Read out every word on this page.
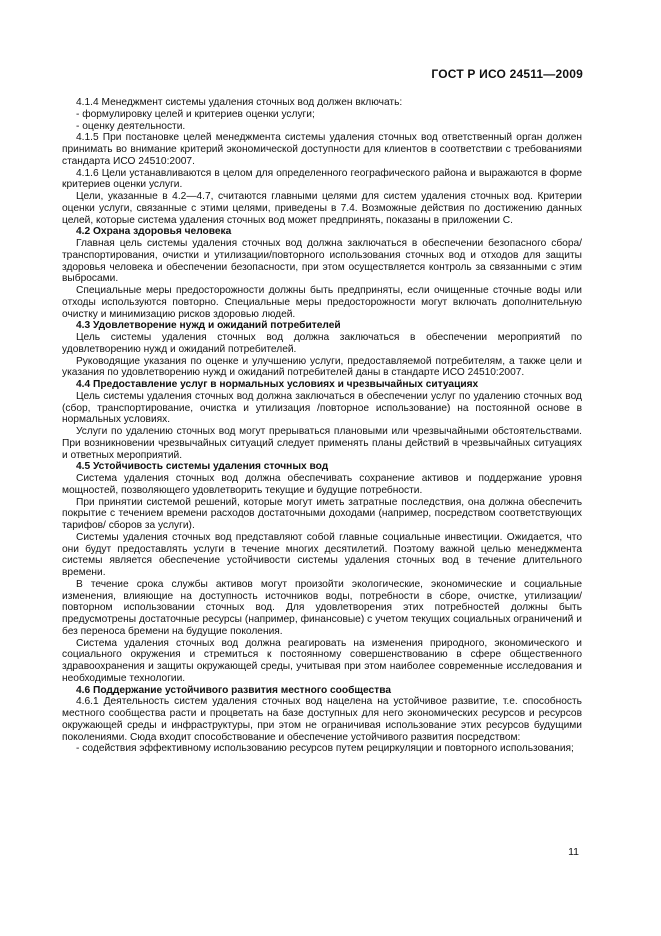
ГОСТ Р ИСО 24511—2009

4.1.4 Менеджмент системы удаления сточных вод должен включать:

- формулировку целей и критериев оценки услуги;

- оценку деятельности.

4.1.5 При постановке целей менеджмента системы удаления сточных вод ответственный орган должен принимать во внимание критерий экономической доступности для клиентов в соответствии с требованиями стандарта ИСО 24510:2007.

4.1.6 Цели устанавливаются в целом для определенного географического района и выражаются в форме критериев оценки услуги.

Цели, указанные в 4.2—4.7, считаются главными целями для систем удаления сточных вод. Критерии оценки услуги, связанные с этими целями, приведены в 7.4. Возможные действия по достижению данных целей, которые система удаления сточных вод может предпринять, показаны в приложении С.

4.2 Охрана здоровья человека

Главная цель системы удаления сточных вод должна заключаться в обеспечении безопасного сбора/транспортирования, очистки и утилизации/повторного использования сточных вод и отходов для защиты здоровья человека и обеспечении безопасности, при этом осуществляется контроль за связанными с этим выбросами.

Специальные меры предосторожности должны быть предприняты, если очищенные сточные воды или отходы используются повторно. Специальные меры предосторожности могут включать дополнительную очистку и минимизацию рисков здоровью людей.

4.3 Удовлетворение нужд и ожиданий потребителей

Цель системы удаления сточных вод должна заключаться в обеспечении мероприятий по удовлетворению нужд и ожиданий потребителей.

Руководящие указания по оценке и улучшению услуги, предоставляемой потребителям, а также цели и указания по удовлетворению нужд и ожиданий потребителей даны в стандарте ИСО 24510:2007.

4.4 Предоставление услуг в нормальных условиях и чрезвычайных ситуациях

Цель системы удаления сточных вод должна заключаться в обеспечении услуг по удалению сточных вод (сбор, транспортирование, очистка и утилизация /повторное использование) на постоянной основе в нормальных условиях.

Услуги по удалению сточных вод могут прерываться плановыми или чрезвычайными обстоятельствами. При возникновении чрезвычайных ситуаций следует применять планы действий в чрезвычайных ситуациях и ответных мероприятий.

4.5 Устойчивость системы удаления сточных вод

Система удаления сточных вод должна обеспечивать сохранение активов и поддержание уровня мощностей, позволяющего удовлетворить текущие и будущие потребности.

При принятии системой решений, которые могут иметь затратные последствия, она должна обеспечить покрытие с течением времени расходов достаточными доходами (например, посредством соответствующих тарифов/ сборов за услуги).

Системы удаления сточных вод представляют собой главные социальные инвестиции. Ожидается, что они будут предоставлять услуги в течение многих десятилетий. Поэтому важной целью менеджмента системы является обеспечение устойчивости системы удаления сточных вод в течение длительного времени.

В течение срока службы активов могут произойти экологические, экономические и социальные изменения, влияющие на доступность источников воды, потребности в сборе, очистке, утилизации/повторном использовании сточных вод. Для удовлетворения этих потребностей должны быть предусмотрены достаточные ресурсы (например, финансовые) с учетом текущих социальных ограничений и без переноса бремени на будущие поколения.

Система удаления сточных вод должна реагировать на изменения природного, экономического и социального окружения и стремиться к постоянному совершенствованию в сфере общественного здравоохранения и защиты окружающей среды, учитывая при этом наиболее современные исследования и необходимые технологии.

4.6 Поддержание устойчивого развития местного сообщества

4.6.1 Деятельность систем удаления сточных вод нацелена на устойчивое развитие, т.е. способность местного сообщества расти и процветать на базе доступных для него экономических ресурсов и ресурсов окружающей среды и инфраструктуры, при этом не ограничивая использование этих ресурсов будущими поколениями. Сюда входит способствование и обеспечение устойчивого развития посредством:

- содействия эффективному использованию ресурсов путем рециркуляции и повторного использования;

11
